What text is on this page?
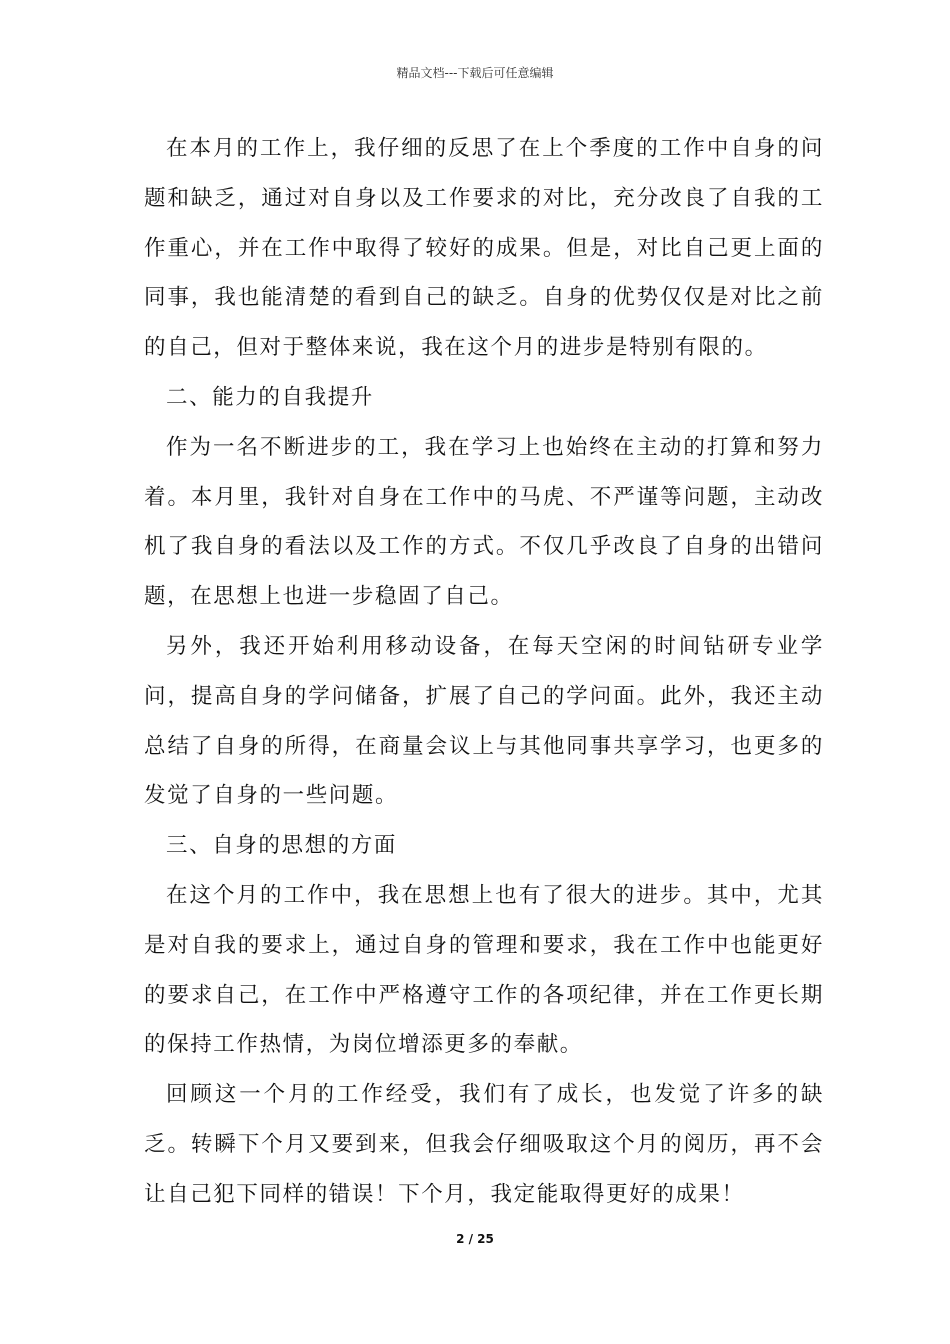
精品文档---下载后可任意编辑

在本月的工作上，我仔细的反思了在上个季度的工作中自身的问题和缺乏，通过对自身以及工作要求的对比，充分改良了自我的工作重心，并在工作中取得了较好的成果。但是，对比自己更上面的同事，我也能清楚的看到自己的缺乏。自身的优势仅仅是对比之前的自己，但对于整体来说，我在这个月的进步是特别有限的。

二、能力的自我提升

作为一名不断进步的工，我在学习上也始终在主动的打算和努力着。本月里，我针对自身在工作中的马虎、不严谨等问题，主动改机了我自身的看法以及工作的方式。不仅几乎改良了自身的出错问题，在思想上也进一步稳固了自己。

另外，我还开始利用移动设备，在每天空闲的时间钻研专业学问，提高自身的学问储备，扩展了自己的学问面。此外，我还主动总结了自身的所得，在商量会议上与其他同事共享学习，也更多的发觉了自身的一些问题。

三、自身的思想的方面

在这个月的工作中，我在思想上也有了很大的进步。其中，尤其是对自我的要求上，通过自身的管理和要求，我在工作中也能更好的要求自己，在工作中严格遵守工作的各项纪律，并在工作更长期的保持工作热情，为岗位增添更多的奉献。

回顾这一个月的工作经受，我们有了成长，也发觉了许多的缺乏。转瞬下个月又要到来，但我会仔细吸取这个月的阅历，再不会让自己犯下同样的错误！下个月，我定能取得更好的成果！

2 / 25
